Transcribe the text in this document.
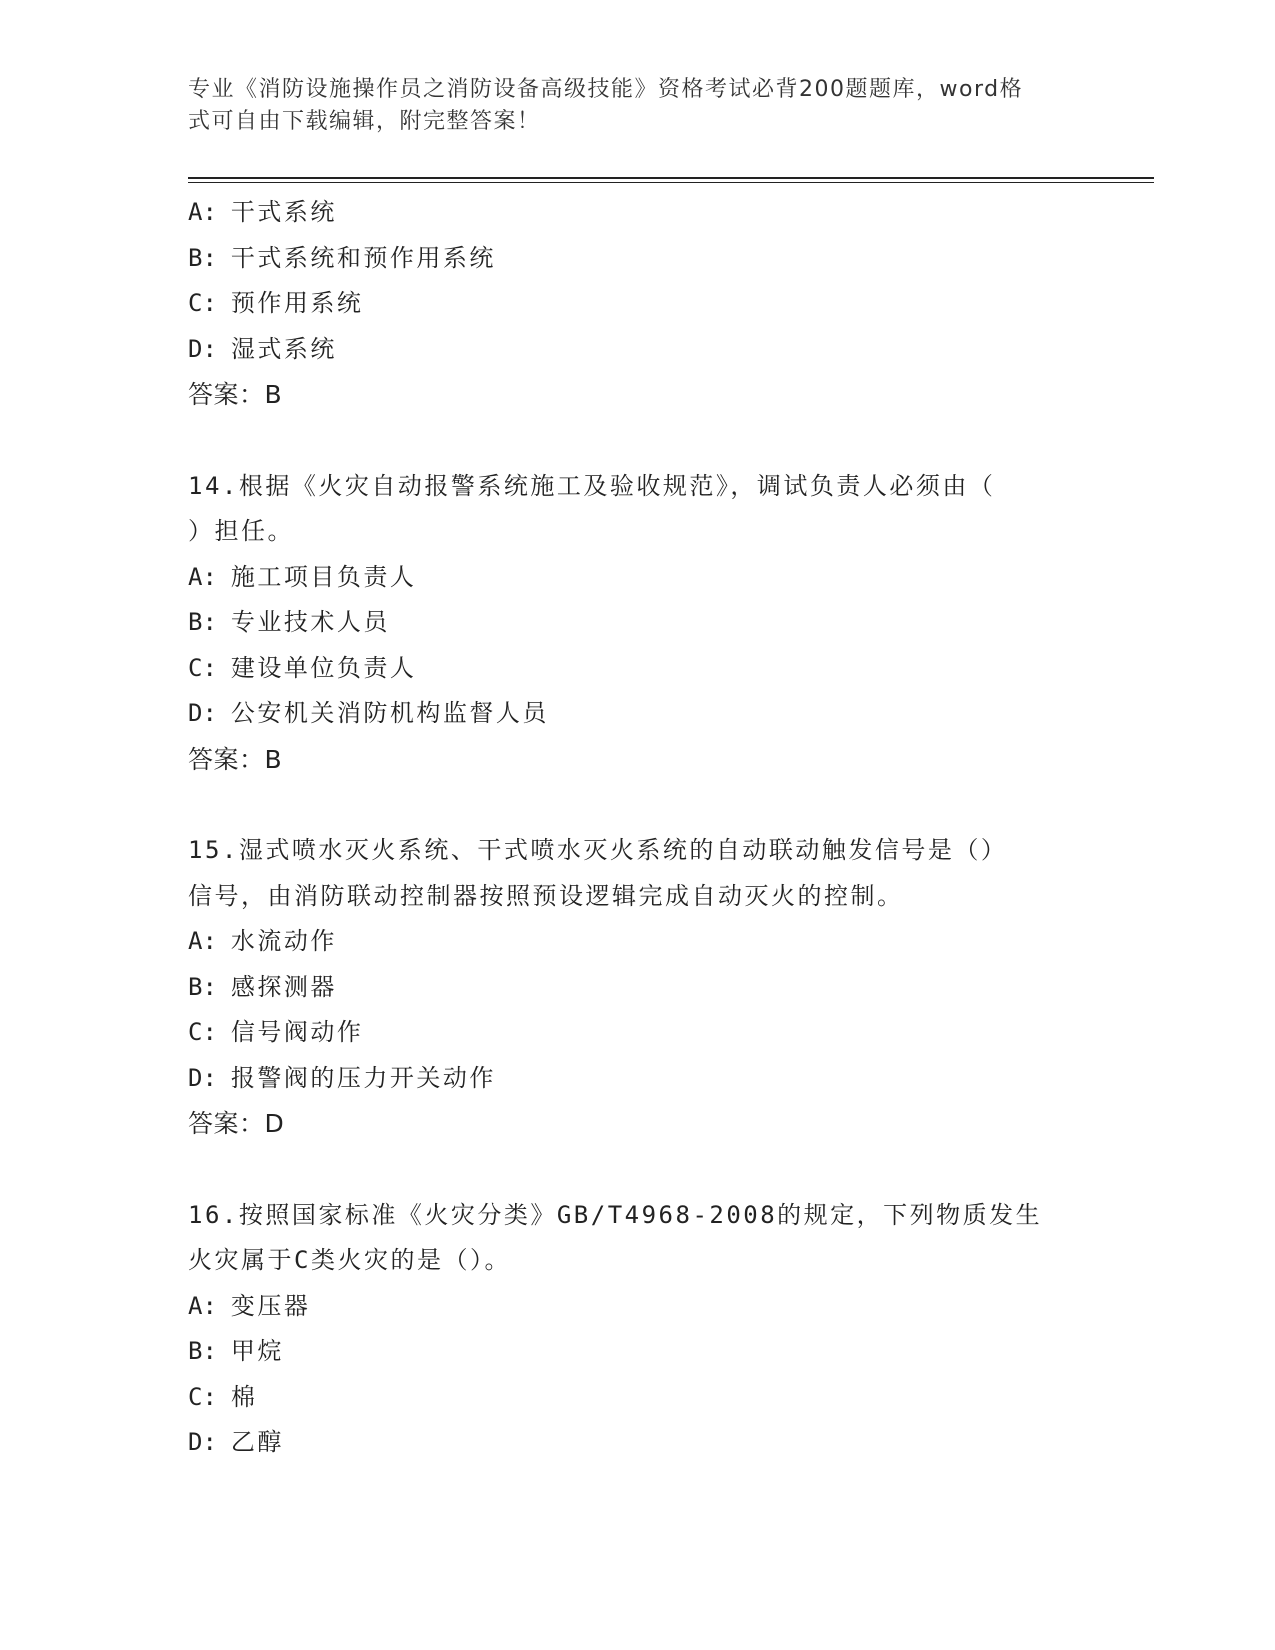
专业《消防设施操作员之消防设备高级技能》资格考试必背200题题库，word格
式可自由下载编辑，附完整答案！
A: 干式系统
B: 干式系统和预作用系统
C: 预作用系统
D: 湿式系统
答案：B
14.根据《火灾自动报警系统施工及验收规范》，调试负责人必须由（
）担任。
A: 施工项目负责人
B: 专业技术人员
C: 建设单位负责人
D: 公安机关消防机构监督人员
答案：B
15.湿式喷水灭火系统、干式喷水灭火系统的自动联动触发信号是（）
信号，由消防联动控制器按照预设逻辑完成自动灭火的控制。
A: 水流动作
B: 感探测器
C: 信号阀动作
D: 报警阀的压力开关动作
答案：D
16.按照国家标准《火灾分类》GB/T4968-2008的规定，下列物质发生
火灾属于C类火灾的是（）。
A: 变压器
B: 甲烷
C: 棉
D: 乙醇
